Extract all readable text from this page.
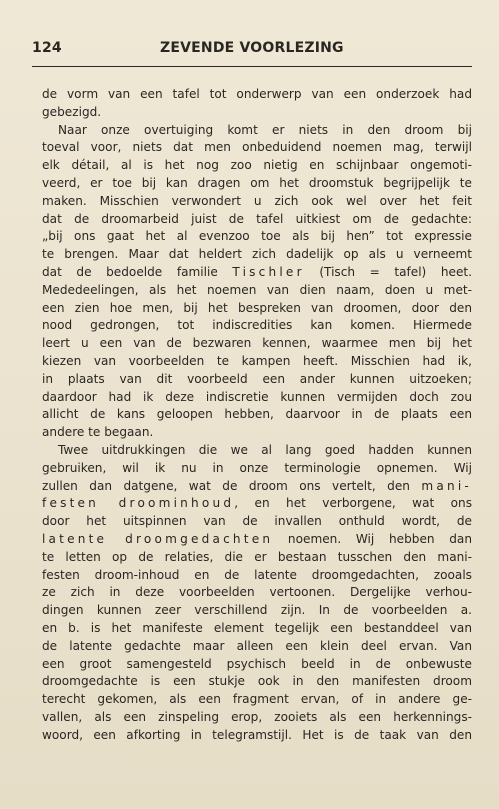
124	ZEVENDE VOORLEZING
de vorm van een tafel tot onderwerp van een onderzoek had
gebezigd.
Naar onze overtuiging komt er niets in den droom bij
toeval voor, niets dat men onbeduidend noemen mag, terwijl
elk détail, al is het nog zoo nietig en schijnbaar ongemoti-
veerd, er toe bij kan dragen om het droomstuk begrijpelijk te
maken. Misschien verwondert u zich ook wel over het feit
dat de droomarbeid juist de tafel uitkiest om de gedachte:
„bij ons gaat het al evenzoo toe als bij hen” tot expressie
te brengen. Maar dat heldert zich dadelijk op als u verneemt
dat de bedoelde familie Tischler (Tisch = tafel) heet.
Mededeelingen, als het noemen van dien naam, doen u met-
een zien hoe men, bij het bespreken van droomen, door den
nood gedrongen, tot indiscredities kan komen. Hiermede
leert u een van de bezwaren kennen, waarmee men bij het
kiezen van voorbeelden te kampen heeft. Misschien had ik,
in plaats van dit voorbeeld een ander kunnen uitzoeken;
daardoor had ik deze indiscretie kunnen vermijden doch zou
allicht de kans geloopen hebben, daarvoor in de plaats een
andere te begaan.
Twee uitdrukkingen die we al lang goed hadden kunnen
gebruiken, wil ik nu in onze terminologie opnemen. Wij
zullen dan datgene, wat de droom ons vertelt, den mani-
festen droominhoud, en het verborgene, wat ons
door het uitspinnen van de invallen onthuld wordt, de
latente droomgedachten noemen. Wij hebben dan
te letten op de relaties, die er bestaan tusschen den mani-
festen droom-inhoud en de latente droomgedachten, zooals
ze zich in deze voorbeelden vertoonen. Dergelijke verhou-
dingen kunnen zeer verschillend zijn. In de voorbeelden a.
en b. is het manifeste element tegelijk een bestanddeel van
de latente gedachte maar alleen een klein deel ervan. Van
een groot samengesteld psychisch beeld in de onbewuste
droomgedachte is een stukje ook in den manifesten droom
terecht gekomen, als een fragment ervan, of in andere ge-
vallen, als een zinspeling erop, zooiets als een herkennings-
woord, een afkorting in telegramstijl. Het is de taak van den
